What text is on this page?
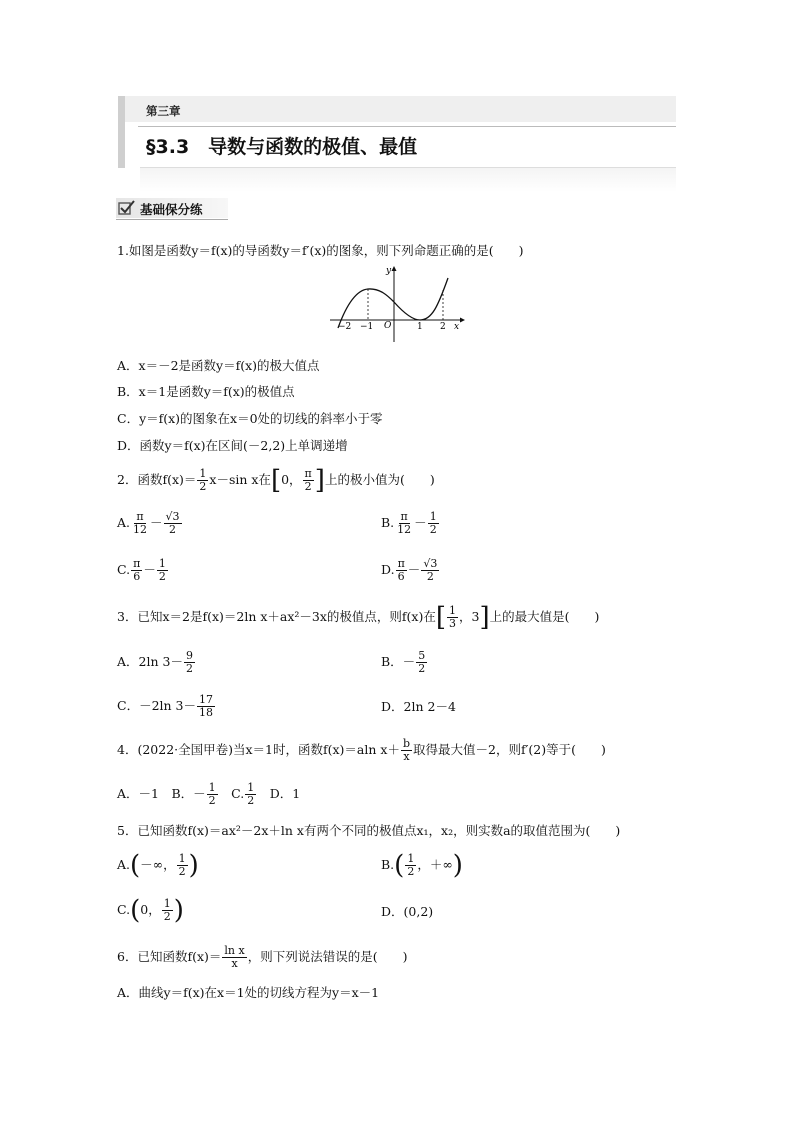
第三章
§3.3　导数与函数的极值、最值
基础保分练
1.如图是函数y＝f(x)的导函数y＝f′(x)的图象，则下列命题正确的是(　　)
y
x
O
−2 −1	1 2
A．x＝－2是函数y＝f(x)的极大值点
B．x＝1是函数y＝f(x)的极值点
C．y＝f(x)的图象在x＝0处的切线的斜率小于零
D．函数y＝f(x)在区间(－2,2)上单调递增
2．函数$f(x)= \frac{1}{2} x-\sin$ x在[0， $\frac{\pi}{2}$ ]上的极小值为(　　)
A. $\frac{\pi}{12} - \frac{√3}{2}$	B. $\frac{\pi}{12} - \frac{1}{2}$
C. $\frac{\pi}{6} - \frac{1}{2}$	D. $\frac{\pi}{6} - \frac{√3}{2}$
3．已知x＝2是f(x)＝2ln x＋ax²－3x的极值点，则f(x)在[ $\frac{1}{3}$ ，3]上的最大值是(　　)
A．2ln $3- \frac{9}{2}$	B．－ $\frac{5}{2}$
C．－2ln $3- \frac{17}{18}$	D．2ln 2－4
4．(2022·全国甲卷)当x＝1时，函数f(x)＝aln $x+ \frac{b}{x}$ 取得最大值－2，则f′(2)等于(　　)
A．－1　B．－ $\frac{1}{2}$ 　C. $\frac{1}{2}$ 　D．1
5．已知函数f(x)＝ax²－2x＋ln x有两个不同的极值点x₁，x₂，则实数a的取值范围为(　　)
A.(－∞， $\frac{1}{2}$ )	$B.( \frac{1}{2}$ ，＋∞)
C.(0， $\frac{1}{2}$ )	D．(0,2)
6．已知函数$f(x)= \frac{\text{ln x}}{x}$ ，则下列说法错误的是(　　)
A．曲线y＝f(x)在x＝1处的切线方程为y＝x－1
